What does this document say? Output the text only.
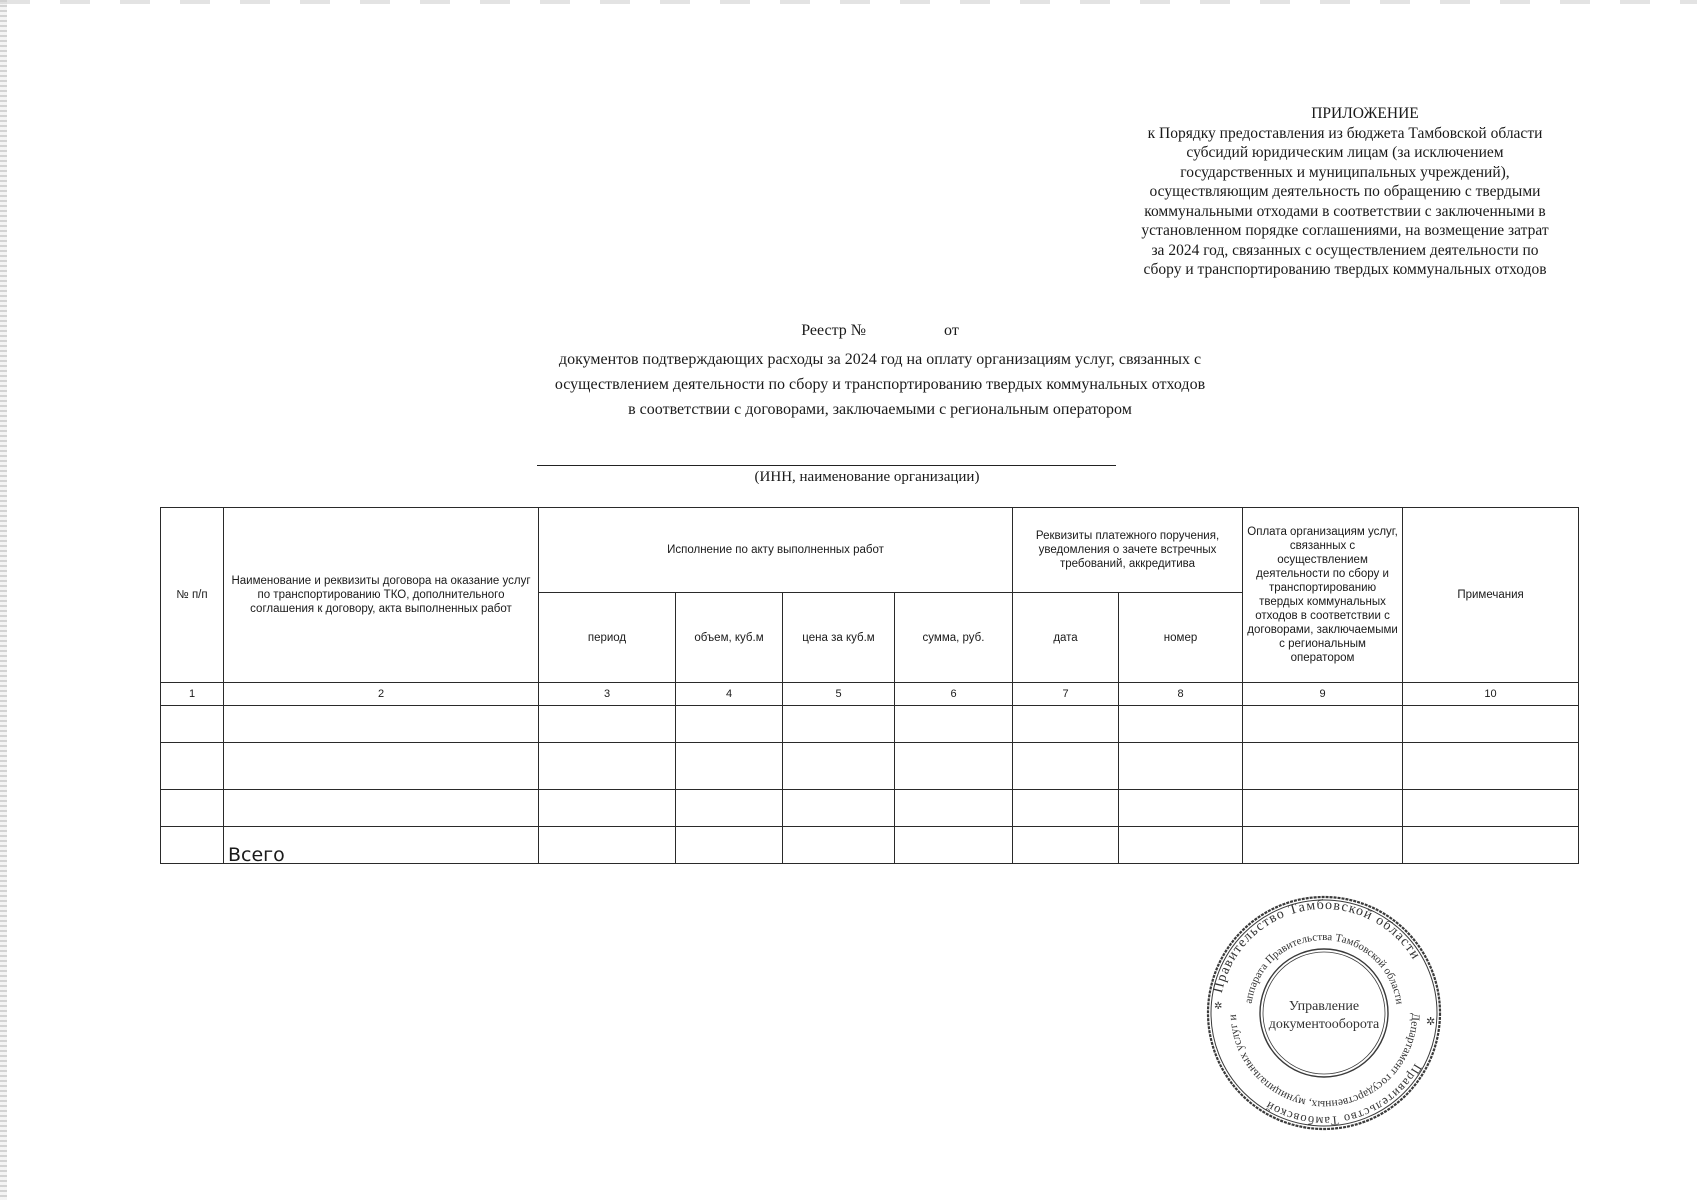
ПРИЛОЖЕНИЕ
к Порядку предоставления из бюджета Тамбовской области
субсидий юридическим лицам (за исключением
государственных и муниципальных учреждений),
осуществляющим деятельность по обращению с твердыми
коммунальными отходами в соответствии с заключенными в
установленном порядке соглашениями, на возмещение затрат
за 2024 год, связанных с осуществлением деятельности по
сбору и транспортированию твердых коммунальных отходов
Реестр №	от
документов подтверждающих расходы за 2024 год на оплату организациям услуг, связанных с
осуществлением деятельности по сбору и транспортированию твердых коммунальных отходов
в соответствии с договорами, заключаемыми с региональным оператором
(ИНН, наименование организации)
№ п/п	Наименование и реквизиты договора на оказание услуг по транспортированию ТКО, дополнительного соглашения к договору, акта выполненных работ	Исполнение по акту выполненных работ				Реквизиты платежного поручения, уведомления о зачете встречных требований, аккредитива		Оплата организациям услуг, связанных с осуществлением деятельности по сбору и транспортированию твердых коммунальных отходов в соответствии с договорами, заключаемыми с региональным оператором	Примечания
		период	объем, куб.м	цена за куб.м	сумма, руб.	дата	номер		
1	2	3	4	5	6	7	8	9	10

	Всего								
Правительство Тамбовской области
Департамент государственных, муниципальных услуг и
аппарата Правительства Тамбовской области
Правительство Тамбовской
Управление
документооборота	✲
✲
